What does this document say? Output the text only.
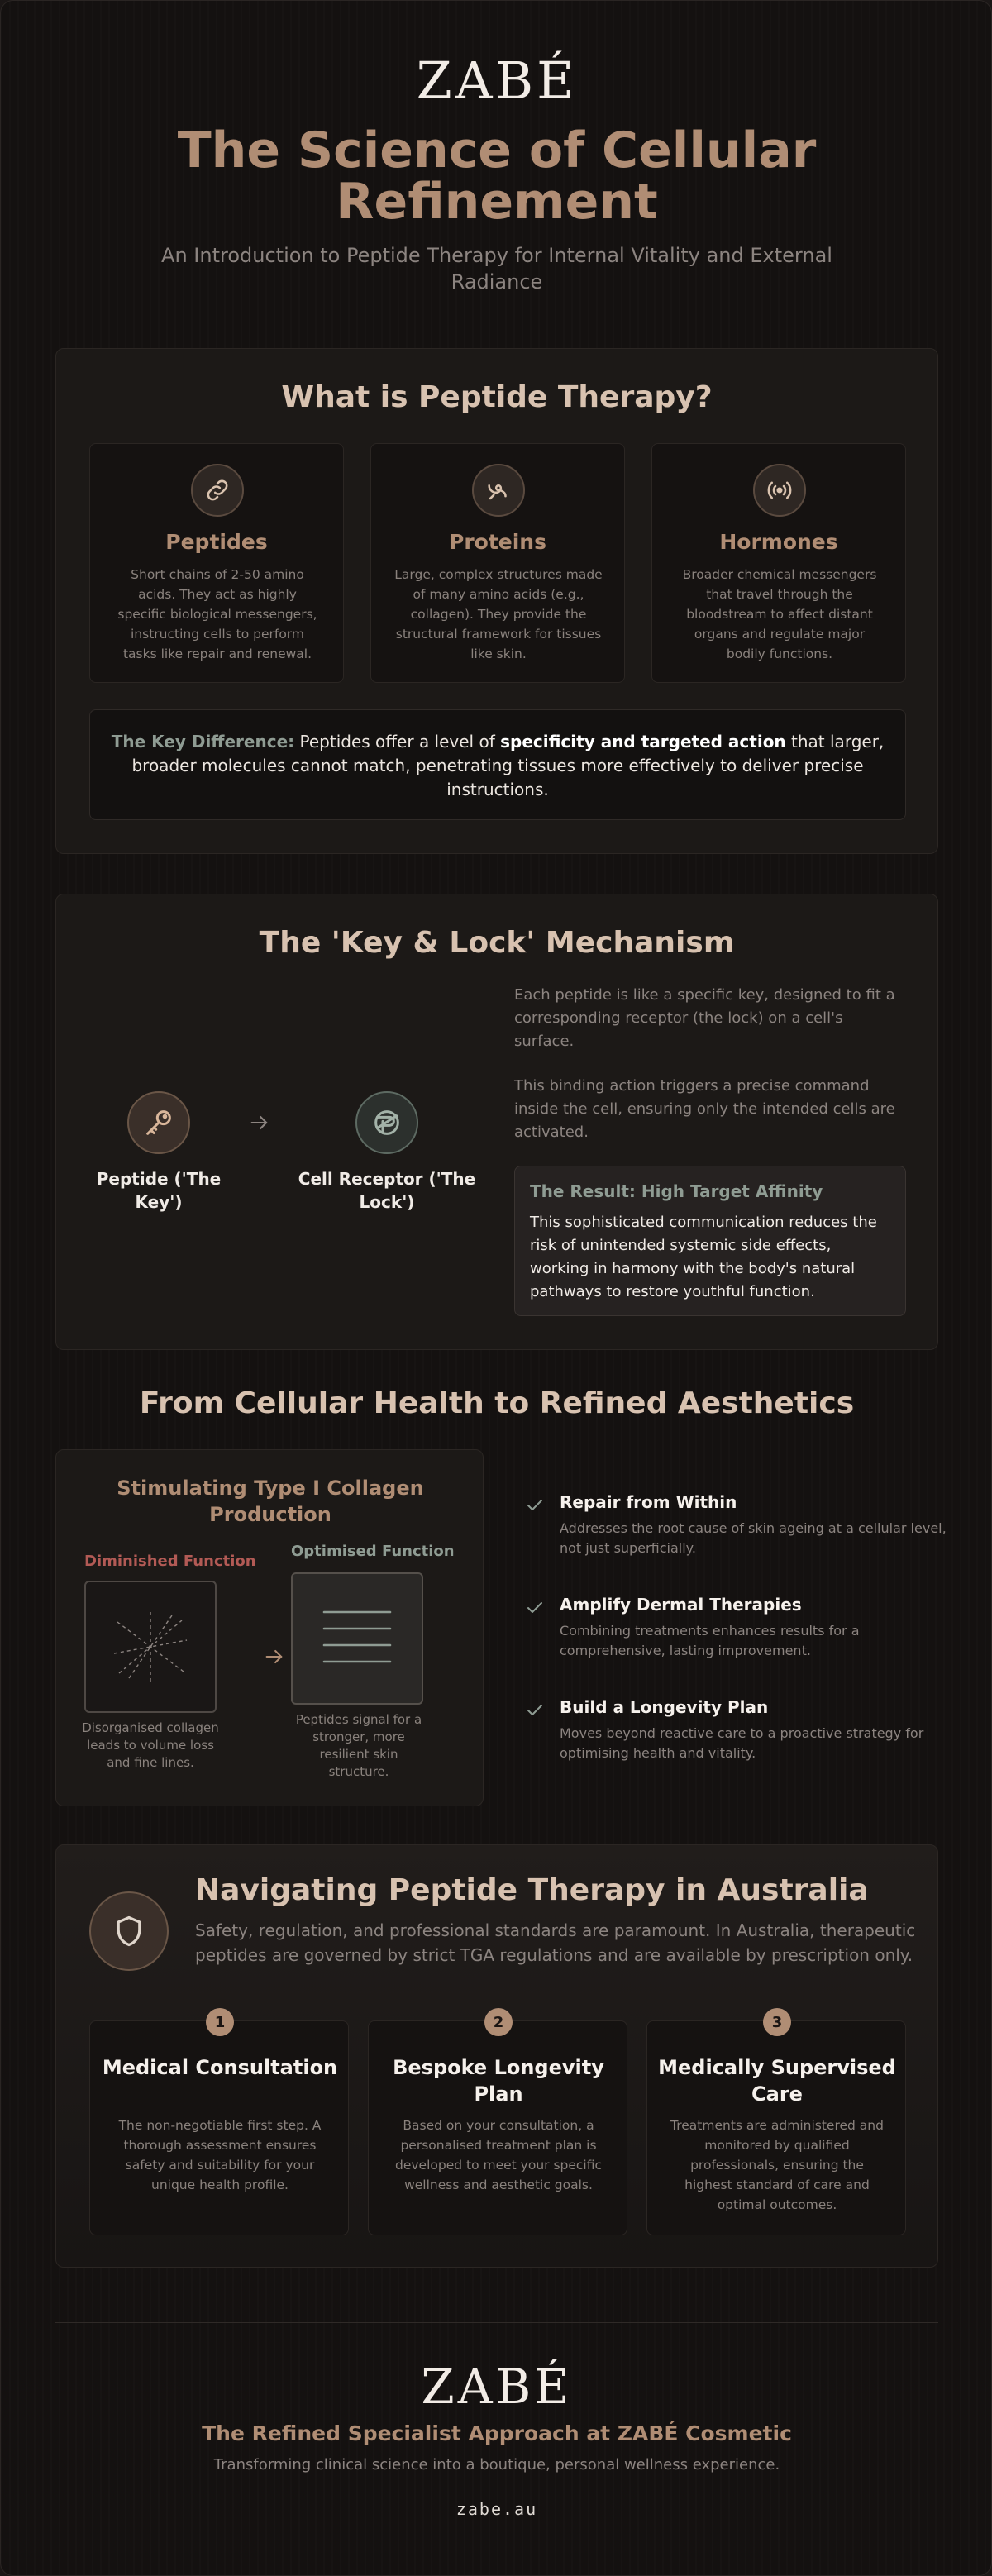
ZABÉ
The Science of Cellular Refinement
An Introduction to Peptide Therapy for Internal Vitality and External Radiance
What is Peptide Therapy?
Peptides
Short chains of 2-50 amino acids. They act as highly specific biological messengers, instructing cells to perform tasks like repair and renewal.
Proteins
Large, complex structures made of many amino acids (e.g., collagen). They provide the structural framework for tissues like skin.
Hormones
Broader chemical messengers that travel through the bloodstream to affect distant organs and regulate major bodily functions.
The Key Difference: Peptides offer a level of specificity and targeted action that larger, broader molecules cannot match, penetrating tissues more effectively to deliver precise instructions.
The 'Key & Lock' Mechanism
Peptide ('The Key')
Cell Receptor ('The Lock')
Each peptide is like a specific key, designed to fit a corresponding receptor (the lock) on a cell's surface.
This binding action triggers a precise command inside the cell, ensuring only the intended cells are activated.
The Result: High Target Affinity
This sophisticated communication reduces the risk of unintended systemic side effects, working in harmony with the body's natural pathways to restore youthful function.
From Cellular Health to Refined Aesthetics
Stimulating Type I Collagen Production
Diminished Function
Disorganised collagen leads to volume loss and fine lines.
Optimised Function
Peptides signal for a stronger, more resilient skin structure.
Repair from Within
Addresses the root cause of skin ageing at a cellular level, not just superficially.
Amplify Dermal Therapies
Combining treatments enhances results for a comprehensive, lasting improvement.
Build a Longevity Plan
Moves beyond reactive care to a proactive strategy for optimising health and vitality.
Navigating Peptide Therapy in Australia
Safety, regulation, and professional standards are paramount. In Australia, therapeutic peptides are governed by strict TGA regulations and are available by prescription only.
1
Medical Consultation
The non-negotiable first step. A thorough assessment ensures safety and suitability for your unique health profile.
2
Bespoke Longevity Plan
Based on your consultation, a personalised treatment plan is developed to meet your specific wellness and aesthetic goals.
3
Medically Supervised Care
Treatments are administered and monitored by qualified professionals, ensuring the highest standard of care and optimal outcomes.
ZABÉ
The Refined Specialist Approach at ZABÉ Cosmetic
Transforming clinical science into a boutique, personal wellness experience.
zabe.au
